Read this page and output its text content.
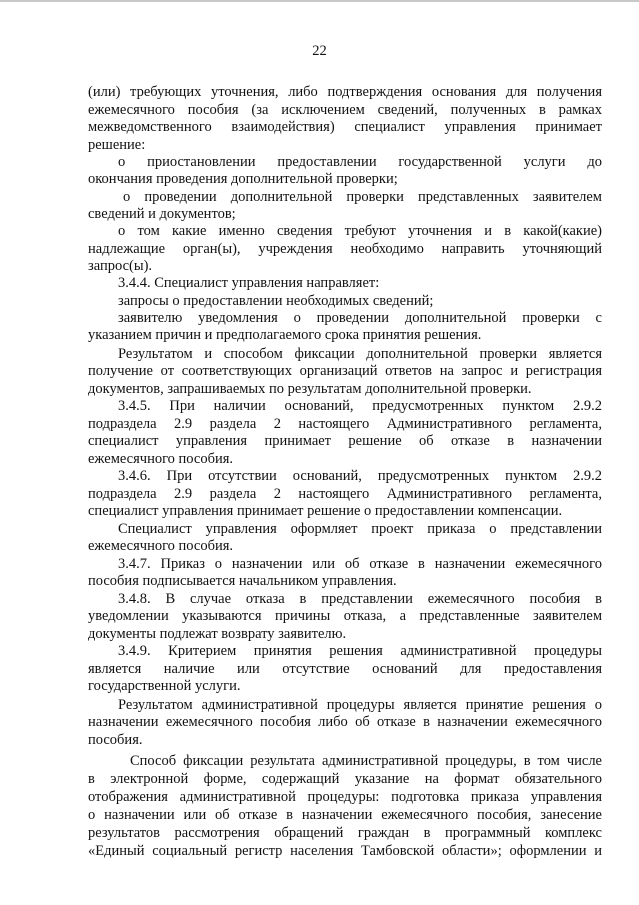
22
(или) требующих уточнения, либо подтверждения основания для получения
ежемесячного пособия (за исключением сведений, полученных в рамках
межведомственного взаимодействия) специалист управления принимает
решение:
о приостановлении предоставлении государственной услуги до
окончания проведения дополнительной проверки;
о проведении дополнительной проверки представленных заявителем
сведений и документов;
о том какие именно сведения требуют уточнения и в какой(какие)
надлежащие орган(ы), учреждения необходимо направить уточняющий
запрос(ы).
3.4.4. Специалист управления направляет:
запросы о предоставлении необходимых сведений;
заявителю уведомления о проведении дополнительной проверки с
указанием причин и предполагаемого срока принятия решения.
Результатом и способом фиксации дополнительной проверки является
получение от соответствующих организаций ответов на запрос и регистрация
документов, запрашиваемых по результатам дополнительной проверки.
3.4.5. При наличии оснований, предусмотренных пунктом 2.9.2
подраздела 2.9 раздела 2 настоящего Административного регламента,
специалист управления принимает решение об отказе в назначении
ежемесячного пособия.
3.4.6. При отсутствии оснований, предусмотренных пунктом 2.9.2
подраздела 2.9 раздела 2 настоящего Административного регламента,
специалист управления принимает решение о предоставлении компенсации.
Специалист управления оформляет проект приказа о представлении
ежемесячного пособия.
3.4.7. Приказ о назначении или об отказе в назначении ежемесячного
пособия подписывается начальником управления.
3.4.8. В случае отказа в представлении ежемесячного пособия в
уведомлении указываются причины отказа, а представленные заявителем
документы подлежат возврату заявителю.
3.4.9. Критерием принятия решения административной процедуры
является наличие или отсутствие оснований для предоставления
государственной услуги.
Результатом административной процедуры является принятие решения о
назначении ежемесячного пособия либо об отказе в назначении ежемесячного
пособия.
Способ фиксации результата административной процедуры, в том числе
в электронной форме, содержащий указание на формат обязательного
отображения административной процедуры: подготовка приказа управления
о назначении или об отказе в назначении ежемесячного пособия, занесение
результатов рассмотрения обращений граждан в программный комплекс
«Единый социальный регистр населения Тамбовской области»; оформлении и
